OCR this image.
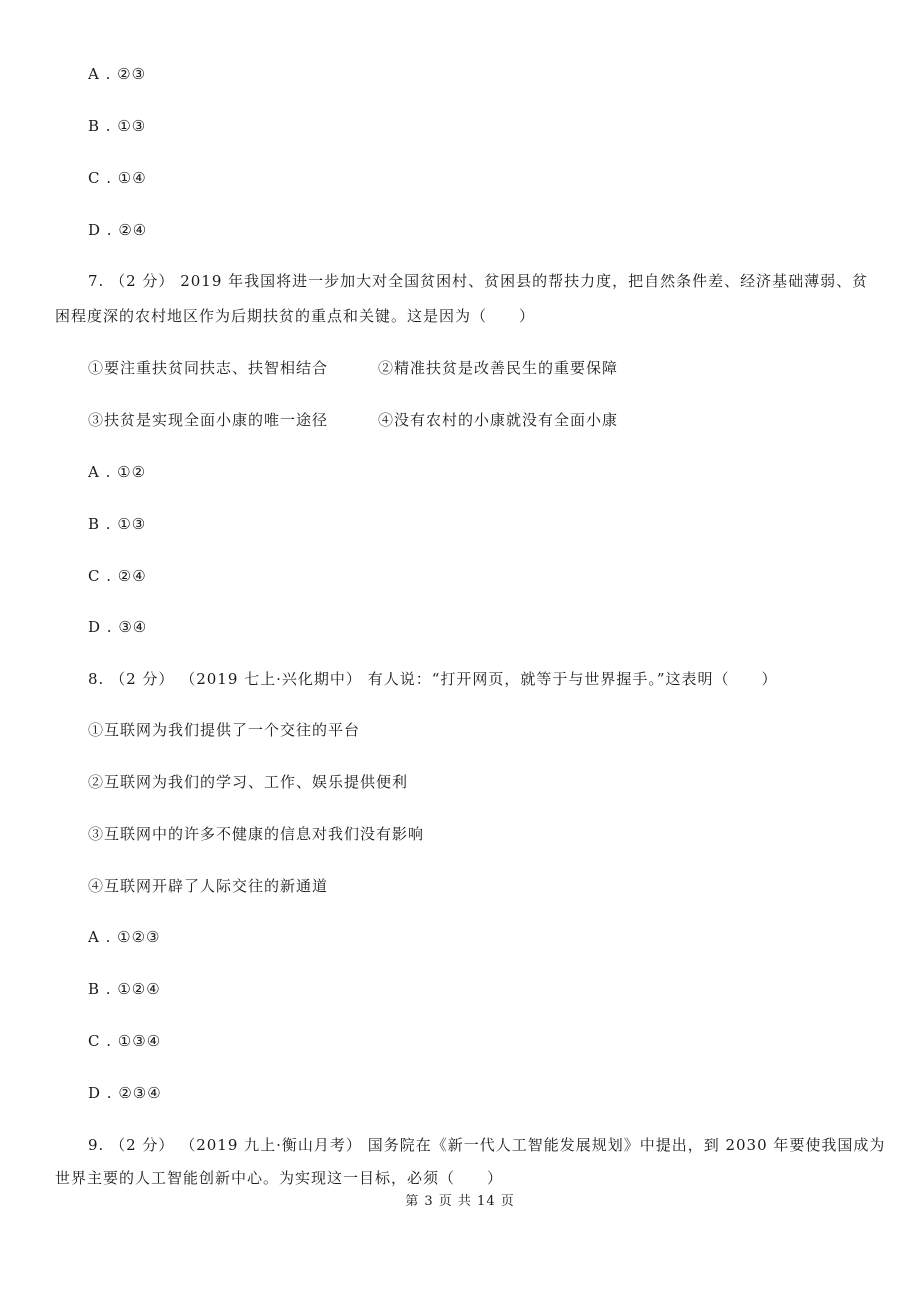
A . ②③
B . ①③
C . ①④
D . ②④
7. （2 分） 2019 年我国将进一步加大对全国贫困村、贫困县的帮扶力度，把自然条件差、经济基础薄弱、贫
困程度深的农村地区作为后期扶贫的重点和关键。这是因为（　　）
①要注重扶贫同扶志、扶智相结合	②精准扶贫是改善民生的重要保障
③扶贫是实现全面小康的唯一途径	④没有农村的小康就没有全面小康
A . ①②
B . ①③
C . ②④
D . ③④
8. （2 分） （2019 七上·兴化期中） 有人说：“打开网页，就等于与世界握手。”这表明（　　）
①互联网为我们提供了一个交往的平台
②互联网为我们的学习、工作、娱乐提供便利
③互联网中的许多不健康的信息对我们没有影响
④互联网开辟了人际交往的新通道
A . ①②③
B . ①②④
C . ①③④
D . ②③④
9. （2 分） （2019 九上·衡山月考） 国务院在《新一代人工智能发展规划》中提出，到 2030 年要使我国成为
世界主要的人工智能创新中心。为实现这一目标，必须（　　）
第 3 页 共 14 页
